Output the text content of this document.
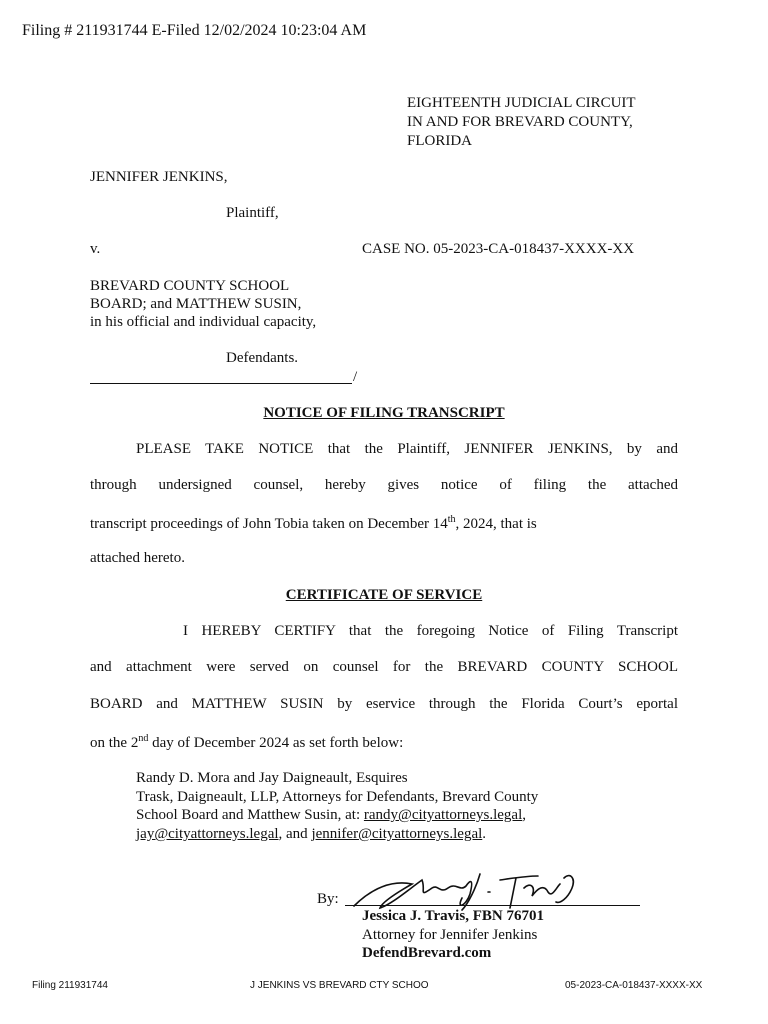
Filing # 211931744 E-Filed 12/02/2024 10:23:04 AM
EIGHTEENTH JUDICIAL CIRCUIT
IN AND FOR BREVARD COUNTY,
FLORIDA
JENNIFER JENKINS,
Plaintiff,
v.	CASE NO. 05-2023-CA-018437-XXXX-XX
BREVARD COUNTY SCHOOL
BOARD; and MATTHEW SUSIN,
in his official and individual capacity,
Defendants.
/
NOTICE OF FILING TRANSCRIPT
PLEASE TAKE NOTICE that the Plaintiff, JENNIFER JENKINS, by and
through undersigned counsel, hereby gives notice of filing the attached
transcript proceedings of John Tobia taken on December 14th, 2024, that is
attached hereto.
CERTIFICATE OF SERVICE
I HEREBY CERTIFY that the foregoing Notice of Filing Transcript
and attachment were served on counsel for the BREVARD COUNTY SCHOOL
BOARD and MATTHEW SUSIN by eservice through the Florida Court’s eportal
on the 2nd day of December 2024 as set forth below:
Randy D. Mora and Jay Daigneault, Esquires
Trask, Daigneault, LLP, Attorneys for Defendants, Brevard County
School Board and Matthew Susin, at: randy@cityattorneys.legal,
jay@cityattorneys.legal, and jennifer@cityattorneys.legal.
By:
Jessica J. Travis, FBN 76701
Attorney for Jennifer Jenkins
DefendBrevard.com
Filing 211931744	J JENKINS VS BREVARD CTY SCHOO	05-2023-CA-018437-XXXX-XX
